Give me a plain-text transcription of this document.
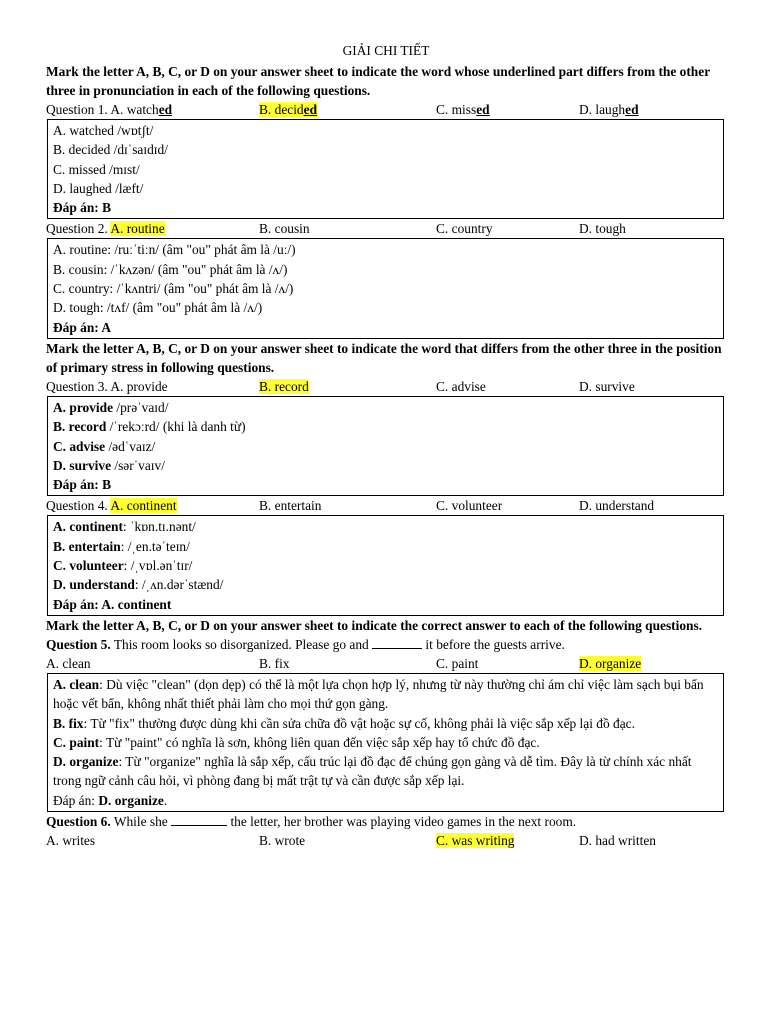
GIẢI CHI TIẾT
Mark the letter A, B, C, or D on your answer sheet to indicate the word whose underlined part differs from the other three in pronunciation in each of the following questions.
Question 1. A. watched	B. decided	C. missed	D. laughed
A. watched /wɒtʃt/
B. decided /dɪˈsaɪdɪd/
C. missed /mɪst/
D. laughed /læft/
Đáp án: B
Question 2. A. routine	B. cousin	C. country	D. tough
A. routine: /ruːˈtiːn/ (âm "ou" phát âm là /uː/)
B. cousin: /ˈkʌzən/ (âm "ou" phát âm là /ʌ/)
C. country: /ˈkʌntri/ (âm "ou" phát âm là /ʌ/)
D. tough: /tʌf/ (âm "ou" phát âm là /ʌ/)
Đáp án: A
Mark the letter A, B, C, or D on your answer sheet to indicate the word that differs from the other three in the position of primary stress in following questions.
Question 3. A. provide	B. record	C. advise	D. survive
A. provide /prəˈvaɪd/
B. record /ˈrekɔːrd/ (khi là danh từ)
C. advise /ədˈvaɪz/
D. survive /sərˈvaɪv/
Đáp án: B
Question 4. A. continent	B. entertain	C. volunteer	D. understand
A. continent: ˈkɒn.tɪ.nənt/
B. entertain: /ˌen.təˈteɪn/
C. volunteer: /ˌvɒl.ənˈtɪr/
D. understand: /ˌʌn.dərˈstænd/
Đáp án: A. continent
Mark the letter A, B, C, or D on your answer sheet to indicate the correct answer to each of the following questions.
Question 5. This room looks so disorganized. Please go and	it before the guests arrive.
A. clean	B. fix	C. paint	D. organize
A. clean: Dù việc "clean" (dọn dẹp) có thể là một lựa chọn hợp lý, nhưng từ này thường chỉ ám chỉ việc làm sạch bụi bẩn hoặc vết bẩn, không nhất thiết phải làm cho mọi thứ gọn gàng.
B. fix: Từ "fix" thường được dùng khi cần sửa chữa đồ vật hoặc sự cố, không phải là việc sắp xếp lại đồ đạc.
C. paint: Từ "paint" có nghĩa là sơn, không liên quan đến việc sắp xếp hay tổ chức đồ đạc.
D. organize: Từ "organize" nghĩa là sắp xếp, cấu trúc lại đồ đạc để chúng gọn gàng và dễ tìm. Đây là từ chính xác nhất trong ngữ cảnh câu hỏi, vì phòng đang bị mất trật tự và cần được sắp xếp lại.
Đáp án: D. organize.
Question 6. While she	the letter, her brother was playing video games in the next room.
A. writes	B. wrote	C. was writing	D. had written
